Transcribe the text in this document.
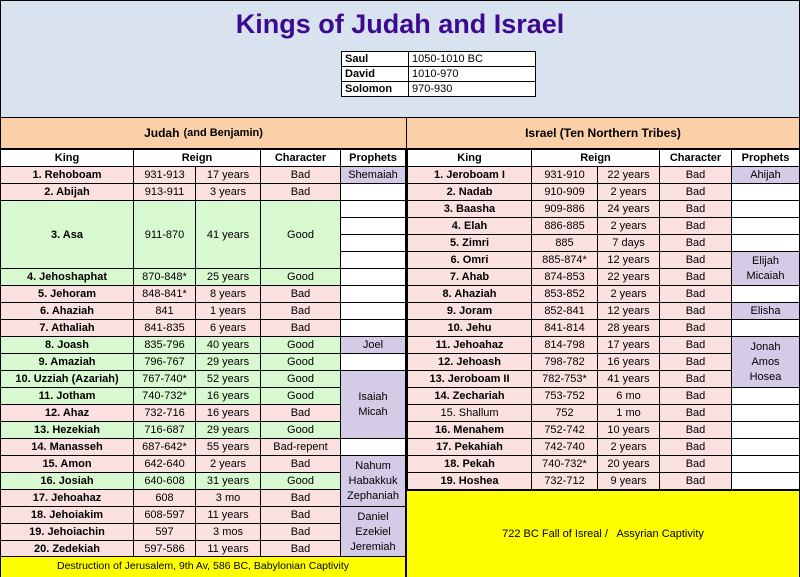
Kings of Judah and Israel
Saul	1050-1010 BC
David	1010-970
Solomon	970-930
Judah (and Benjamin)
King	Reign		Character	Prophets
1. Rehoboam	931-913	17 years	Bad	Shemaiah
2. Abijah	913-911	3 years	Bad	
3. Asa	911-870	41 years	Good	

4. Jehoshaphat	870-848*	25 years	Good	
5. Jehoram	848-841*	8 years	Bad	
6. Ahaziah	841	1 years	Bad	
7. Athaliah	841-835	6 years	Bad	
8. Joash	835-796	40 years	Good	Joel
9. Amaziah	796-767	29 years	Good	
10. Uzziah (Azariah)	767-740*	52 years	Good	Isaiah
Micah

11. Jotham	740-732*	16 years	Good	
12. Ahaz	732-716	16 years	Bad	
13. Hezekiah	716-687	29 years	Good	
14. Manasseh	687-642*	55 years	Bad-repent	
15. Amon	642-640	2 years	Bad	Nahum
Habakkuk
Zephaniah

16. Josiah	640-608	31 years	Good	
17. Jehoahaz	608	3 mo	Bad	
18. Jehoiakim	608-597	11 years	Bad	Daniel
Ezekiel
Jeremiah

19. Jehoiachin	597	3 mos	Bad	
20. Zedekiah	597-586	11 years	Bad	
Israel (Ten Northern Tribes)
King	Reign		Character	Prophets
1. Jeroboam I	931-910	22 years	Bad	Ahijah
2. Nadab	910-909	2 years	Bad	
3. Baasha	909-886	24 years	Bad	
4. Elah	886-885	2 years	Bad	
5. Zimri	885	7 days	Bad	
6. Omri	885-874*	12 years	Bad	Elijah
Micaiah

7. Ahab	874-853	22 years	Bad	
8. Ahaziah	853-852	2 years	Bad	
9. Joram	852-841	12 years	Bad	Elisha
10. Jehu	841-814	28 years	Bad	
11. Jehoahaz	814-798	17 years	Bad	Jonah
Amos
Hosea

12. Jehoash	798-782	16 years	Bad	
13. Jeroboam II	782-753*	41 years	Bad	
14. Zechariah	753-752	6 mo	Bad	
15. Shallum	752	1 mo	Bad	
16. Menahem	752-742	10 years	Bad	
17. Pekahiah	742-740	2 years	Bad	
18. Pekah	740-732*	20 years	Bad	
19. Hoshea	732-712	9 years	Bad	
Destruction of Jerusalem, 9th Av, 586 BC, Babylonian Captivity
722 BC Fall of Isreal /   Assyrian Captivity
